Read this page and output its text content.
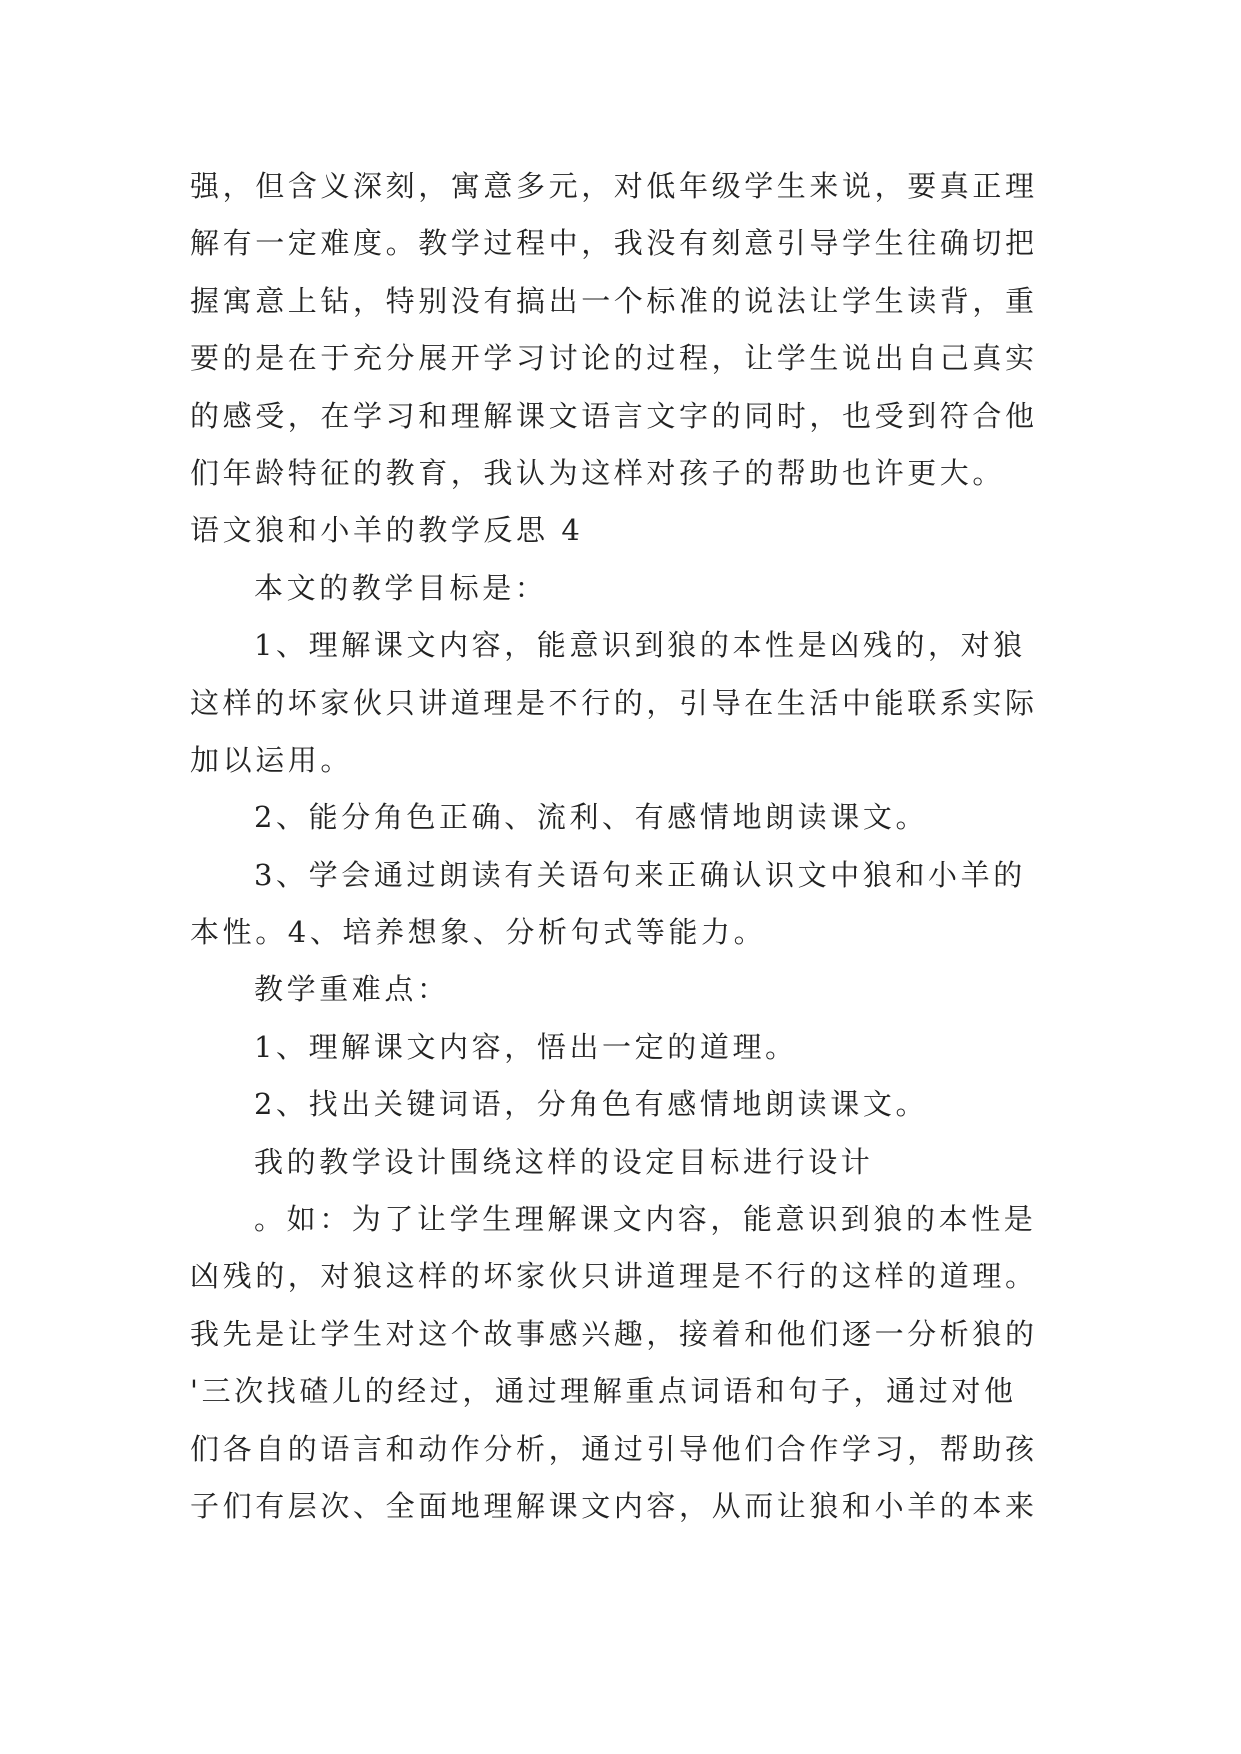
强，但含义深刻，寓意多元，对低年级学生来说，要真正理
解有一定难度。教学过程中，我没有刻意引导学生往确切把
握寓意上钻，特别没有搞出一个标准的说法让学生读背，重
要的是在于充分展开学习讨论的过程，让学生说出自己真实
的感受，在学习和理解课文语言文字的同时，也受到符合他
们年龄特征的教育，我认为这样对孩子的帮助也许更大。
语文狼和小羊的教学反思 4
本文的教学目标是：
1、理解课文内容，能意识到狼的本性是凶残的，对狼
这样的坏家伙只讲道理是不行的，引导在生活中能联系实际
加以运用。
2、能分角色正确、流利、有感情地朗读课文。
3、学会通过朗读有关语句来正确认识文中狼和小羊的
本性。4、培养想象、分析句式等能力。
教学重难点：
1、理解课文内容，悟出一定的道理。
2、找出关键词语，分角色有感情地朗读课文。
我的教学设计围绕这样的设定目标进行设计
。如：为了让学生理解课文内容，能意识到狼的本性是
凶残的，对狼这样的坏家伙只讲道理是不行的这样的道理。
我先是让学生对这个故事感兴趣，接着和他们逐一分析狼的
'三次找碴儿的经过，通过理解重点词语和句子，通过对他
们各自的语言和动作分析，通过引导他们合作学习，帮助孩
子们有层次、全面地理解课文内容，从而让狼和小羊的本来
